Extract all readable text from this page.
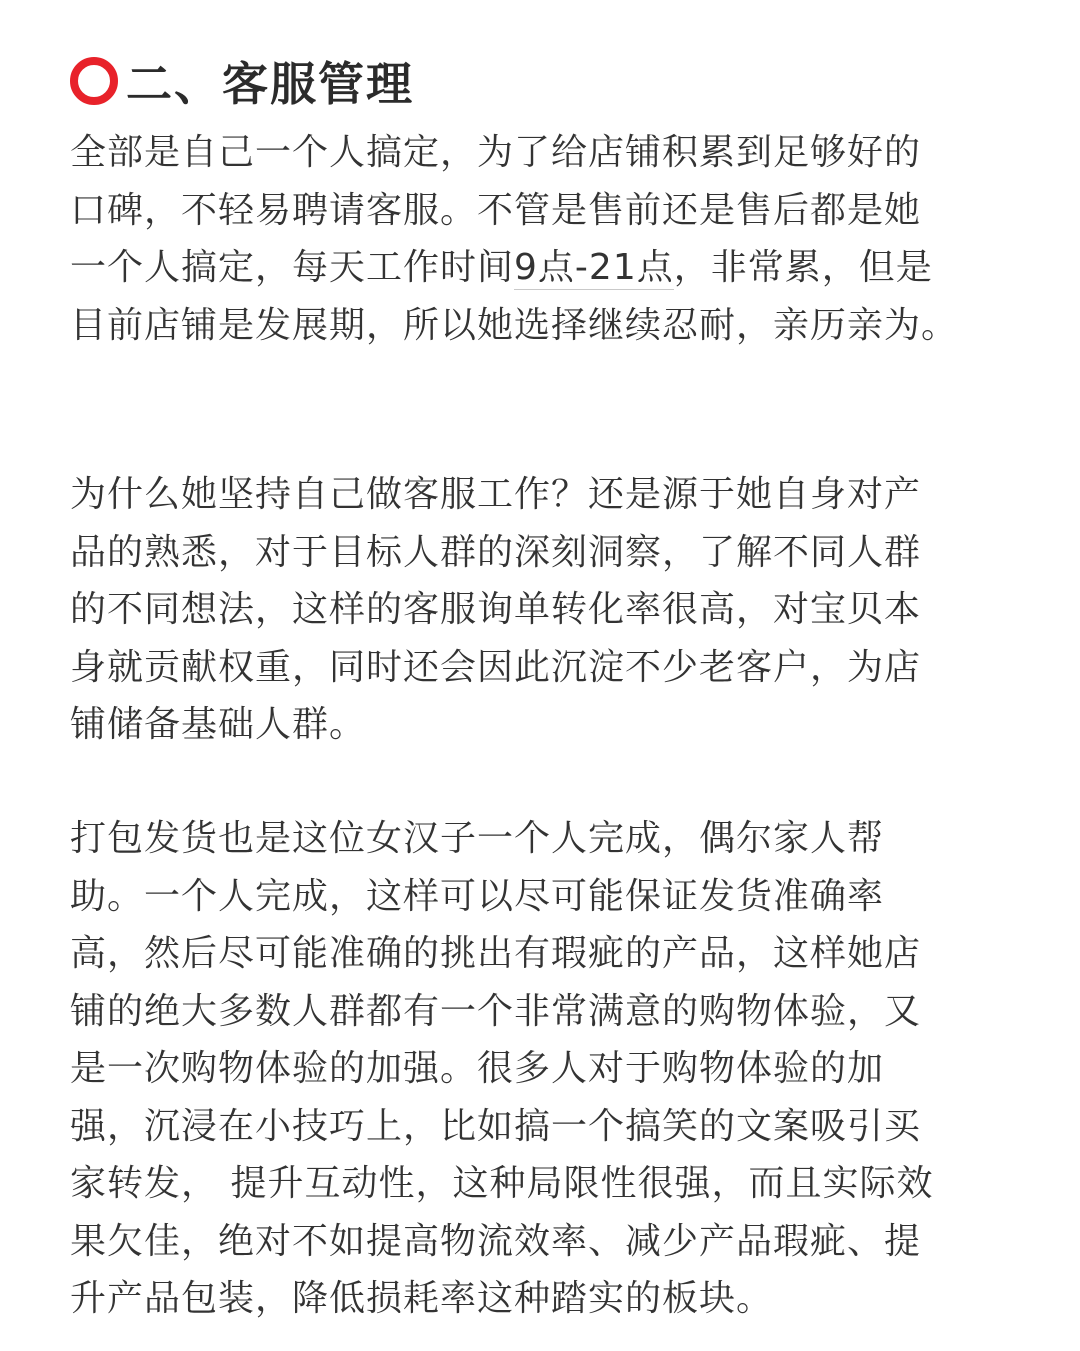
二、客服管理
全部是自己一个人搞定，为了给店铺积累到足够好的
口碑，不轻易聘请客服。不管是售前还是售后都是她
一个人搞定，每天工作时间9点-21点，非常累，但是
目前店铺是发展期，所以她选择继续忍耐，亲历亲为。
为什么她坚持自己做客服工作？还是源于她自身对产
品的熟悉，对于目标人群的深刻洞察，了解不同人群
的不同想法，这样的客服询单转化率很高，对宝贝本
身就贡献权重，同时还会因此沉淀不少老客户，为店
铺储备基础人群。
打包发货也是这位女汉子一个人完成，偶尔家人帮
助。一个人完成，这样可以尽可能保证发货准确率
高，然后尽可能准确的挑出有瑕疵的产品，这样她店
铺的绝大多数人群都有一个非常满意的购物体验，又
是一次购物体验的加强。很多人对于购物体验的加
强，沉浸在小技巧上，比如搞一个搞笑的文案吸引买
家转发， 提升互动性，这种局限性很强，而且实际效
果欠佳，绝对不如提高物流效率、减少产品瑕疵、提
升产品包装，降低损耗率这种踏实的板块。
